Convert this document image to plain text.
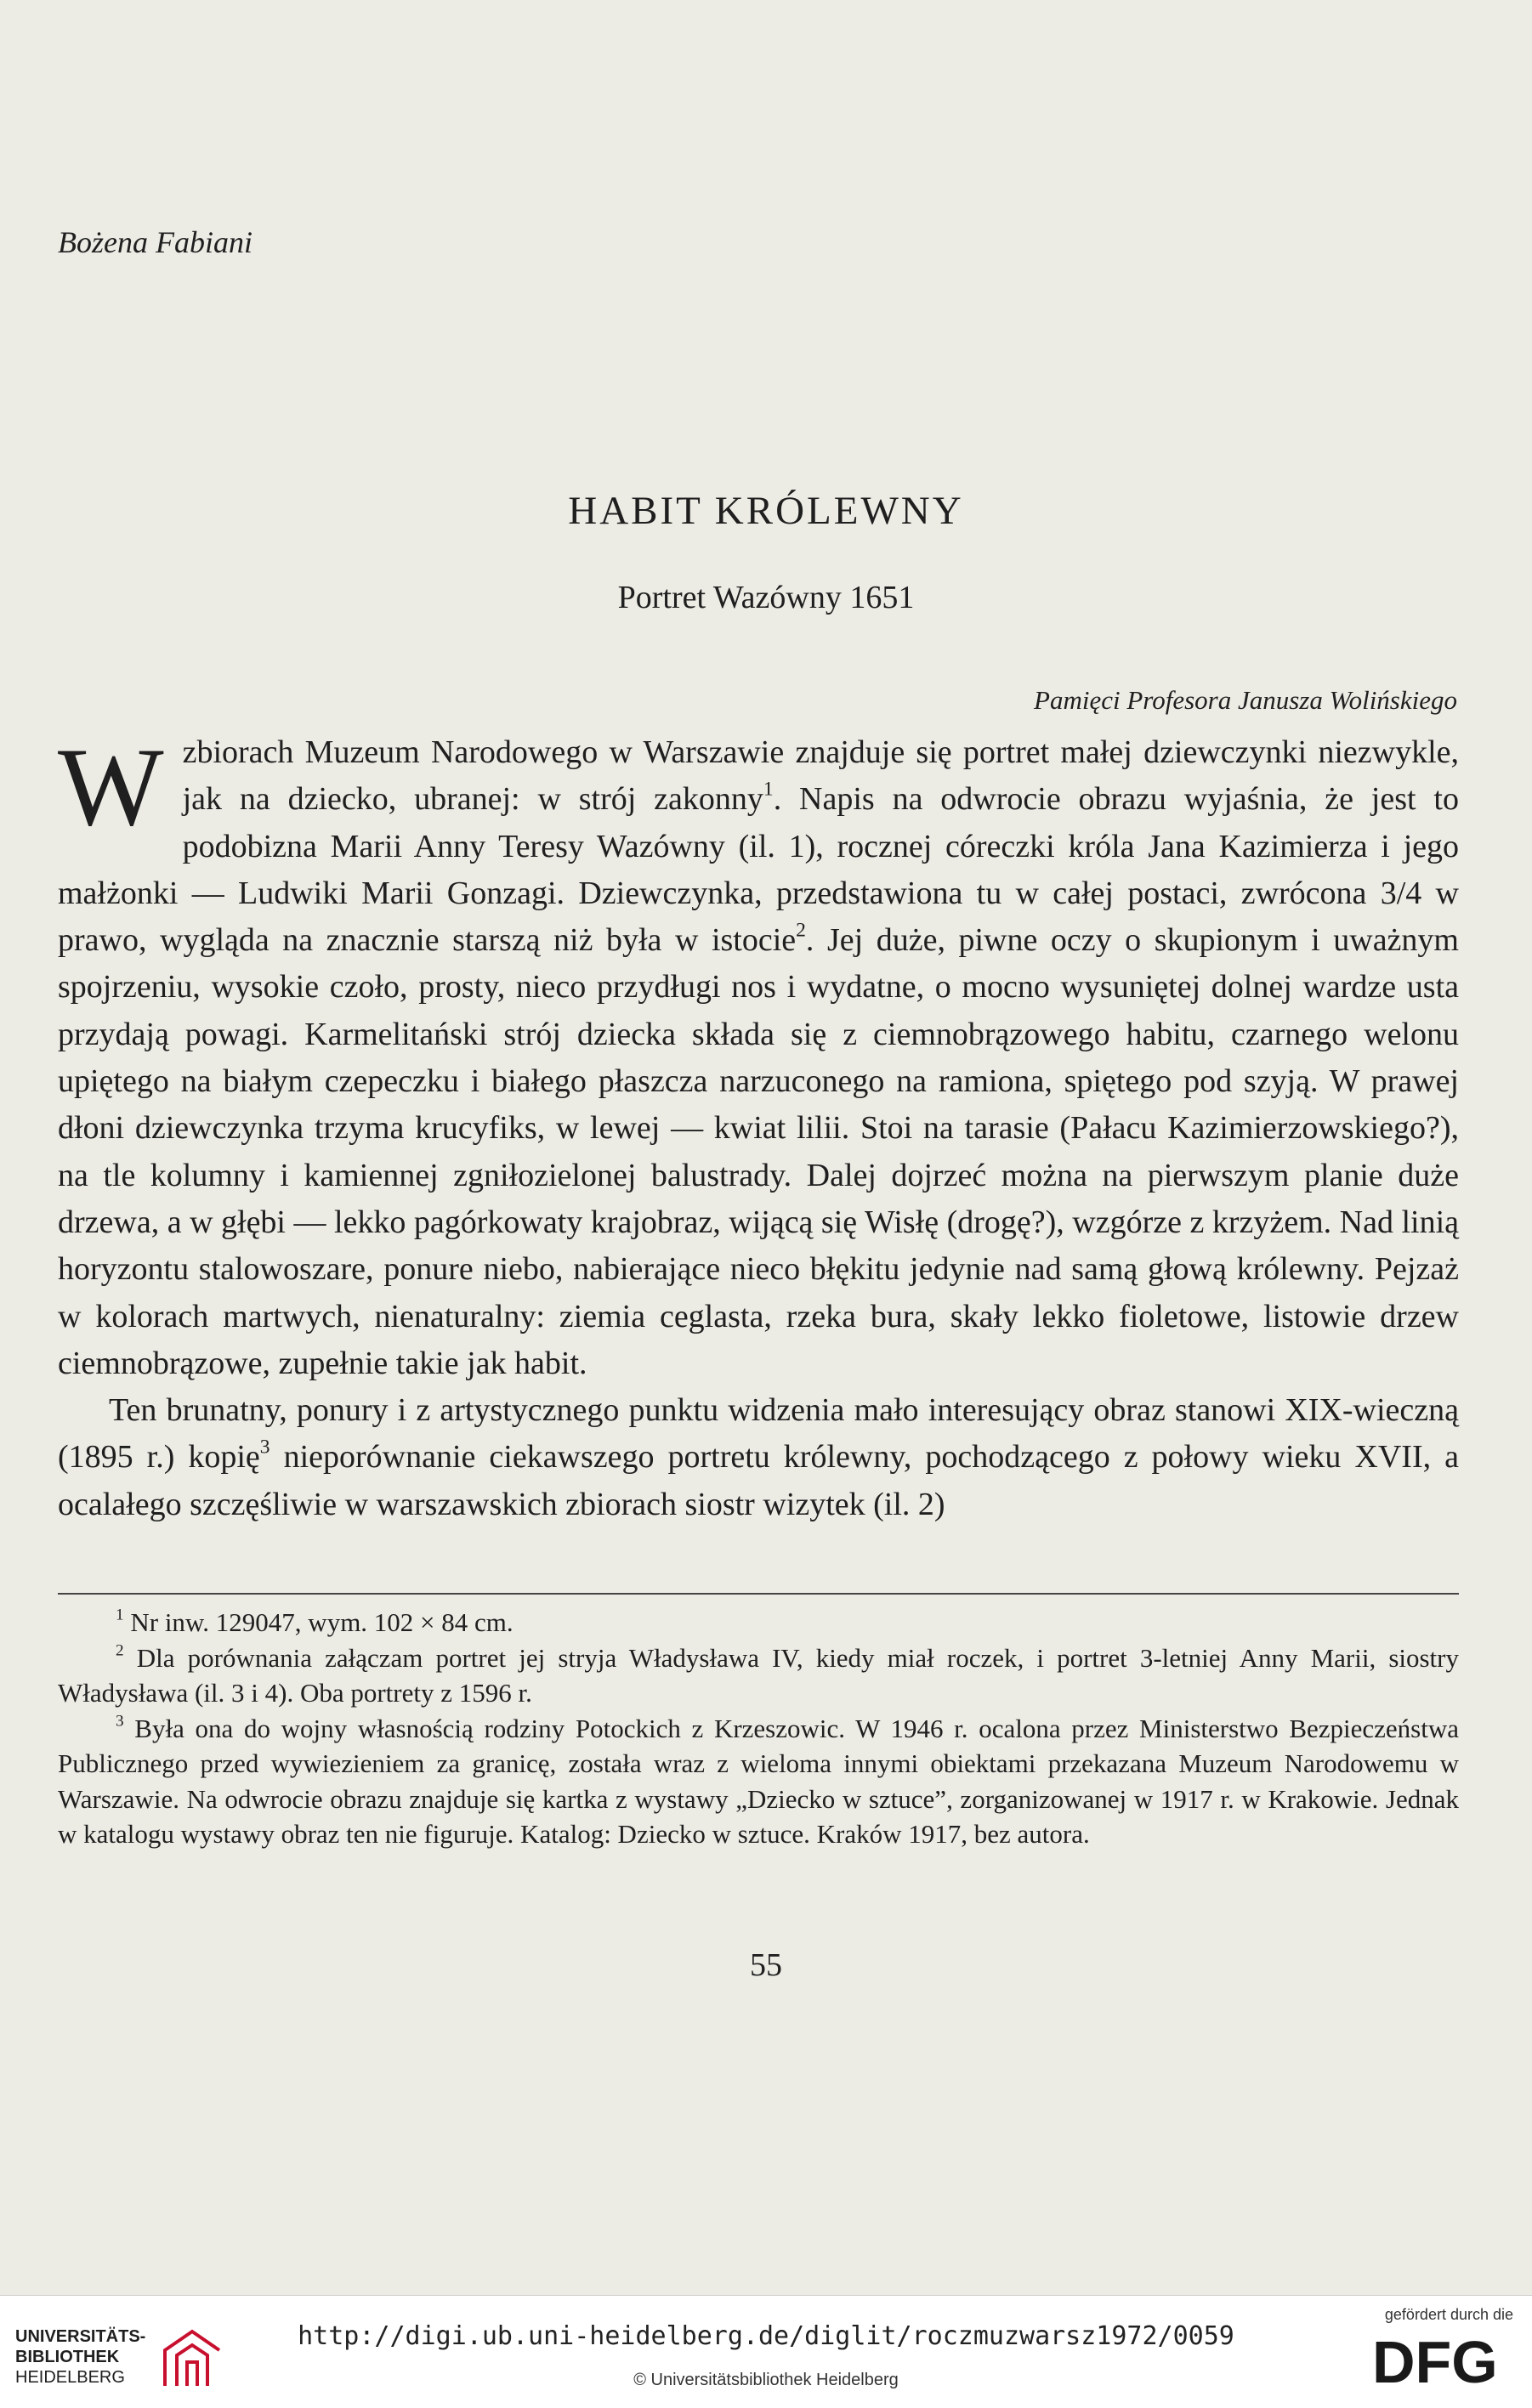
Bożena Fabiani
HABIT KRÓLEWNY
Portret Wazówny 1651
Pamięci Profesora Janusza Wolińskiego

W zbiorach Muzeum Narodowego w Warszawie znajduje się portret małej dziewczynki niezwykle, jak na dziecko, ubranej: w strój zakonny$^1$. Napis na odwrocie obrazu wyjaśnia, że jest to podobizna Marii Anny Teresy Wazówny (il. 1), rocznej córeczki króla Jana Kazimierza i jego małżonki — Ludwiki Marii Gonzagi. Dziewczynka, przedstawiona tu w całej postaci, zwrócona 3/4 w prawo, wygląda na znacznie starszą niż była w istocie$^2$. Jej duże, piwne oczy o skupionym i uważnym spojrzeniu, wysokie czoło, prosty, nieco przydługi nos i wydatne, o mocno wysuniętej dolnej wardze usta przydają powagi. Karmelitański strój dziecka składa się z ciemnobrązowego habitu, czarnego welonu upiętego na białym czepeczku i białego płaszcza narzuconego na ramiona, spiętego pod szyją. W prawej dłoni dziewczynka trzyma krucyfiks, w lewej — kwiat lilii. Stoi na tarasie (Pałacu Kazimierzowskiego?), na tle kolumny i kamiennej zgniłozielonej balustrady. Dalej dojrzeć można na pierwszym planie duże drzewa, a w głębi — lekko pagórkowaty krajobraz, wijącą się Wisłę (drogę?), wzgórze z krzyżem. Nad linią horyzontu stalowoszare, ponure niebo, nabierające nieco błękitu jedynie nad samą głową królewny. Pejzaż w kolorach martwych, nienaturalny: ziemia ceglasta, rzeka bura, skały lekko fioletowe, listowie drzew ciemnobrązowe, zupełnie takie jak habit.

Ten brunatny, ponury i z artystycznego punktu widzenia mało interesujący obraz stanowi XIX-wieczną (1895 r.) kopię$^3$ nieporównanie ciekawszego portretu królewny, pochodzącego z połowy wieku XVII, a ocalałego szczęśliwie w warszawskich zbiorach siostr wizytek (il. 2)

$^1$ Nr inw. 129047, wym. 102 × 84 cm.

$^2$ Dla porównania załączam portret jej stryja Władysława IV, kiedy miał roczek, i portret 3-letniej Anny Marii, siostry Władysława (il. 3 i 4). Oba portrety z 1596 r.

$^3$ Była ona do wojny własnością rodziny Potockich z Krzeszowic. W 1946 r. ocalona przez Ministerstwo Bezpieczeństwa Publicznego przed wywiezieniem za granicę, została wraz z wieloma innymi obiektami przekazana Muzeum Narodowemu w Warszawie. Na odwrocie obrazu znajduje się kartka z wystawy „Dziecko w sztuce”, zorganizowanej w 1917 r. w Krakowie. Jednak w katalogu wystawy obraz ten nie figuruje. Katalog: Dziecko w sztuce. Kraków 1917, bez autora.

55
UNIVERSITÄTS-
BIBLIOTHEK
HEIDELBERG
http://digi.ub.uni-heidelberg.de/diglit/roczmuzwarsz1972/0059
© Universitätsbibliothek Heidelberg
gefördert durch die
DFG
